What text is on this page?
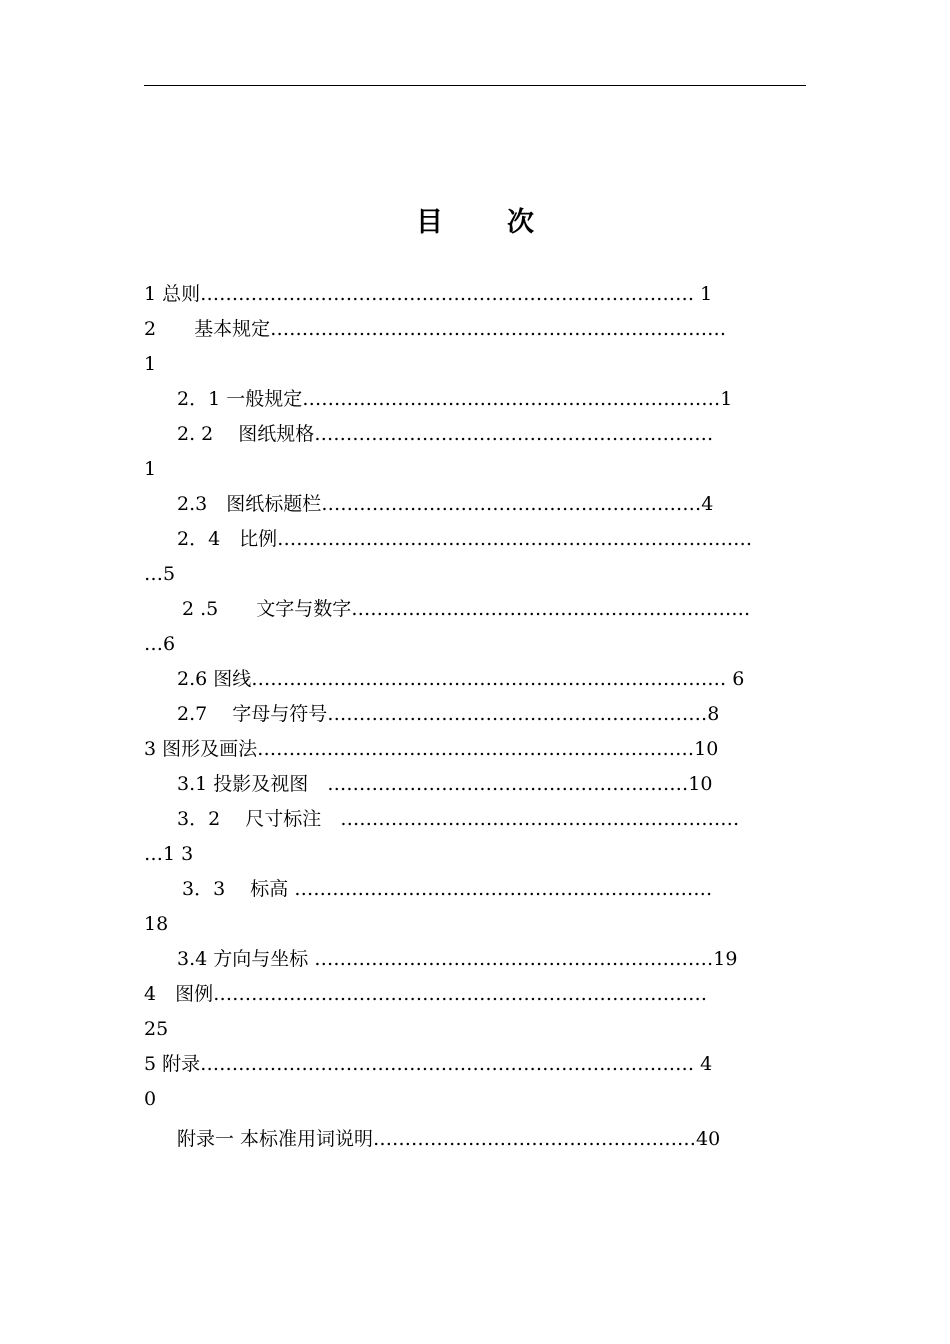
目 次
1 总则…………………………………………………………………… 1
2　　基本规定………………………………………………………………
1
2．1 一般规定…………………………………………………………1
2. 2　 图纸规格………………………………………………………
1
2.3　图纸标题栏……………………………………………………4
2．4　比例…………………………………………………………………
…5
2 .5　　文字与数字………………………………………………………
…6
2.6 图线………………………………………………………………… 6
2.7　 字母与符号……………………………………………………8
3 图形及画法……………………………………………………………10
3.1 投影及视图　…………………………………………………10
3．2　 尺寸标注　………………………………………………………
…1 3
3．3　 标高 …………………………………………………………
18
3.4 方向与坐标 ………………………………………………………19
4　图例……………………………………………………………………
25
5 附录…………………………………………………………………… 4
0
附录一 本标准用词说明……………………………………………40
